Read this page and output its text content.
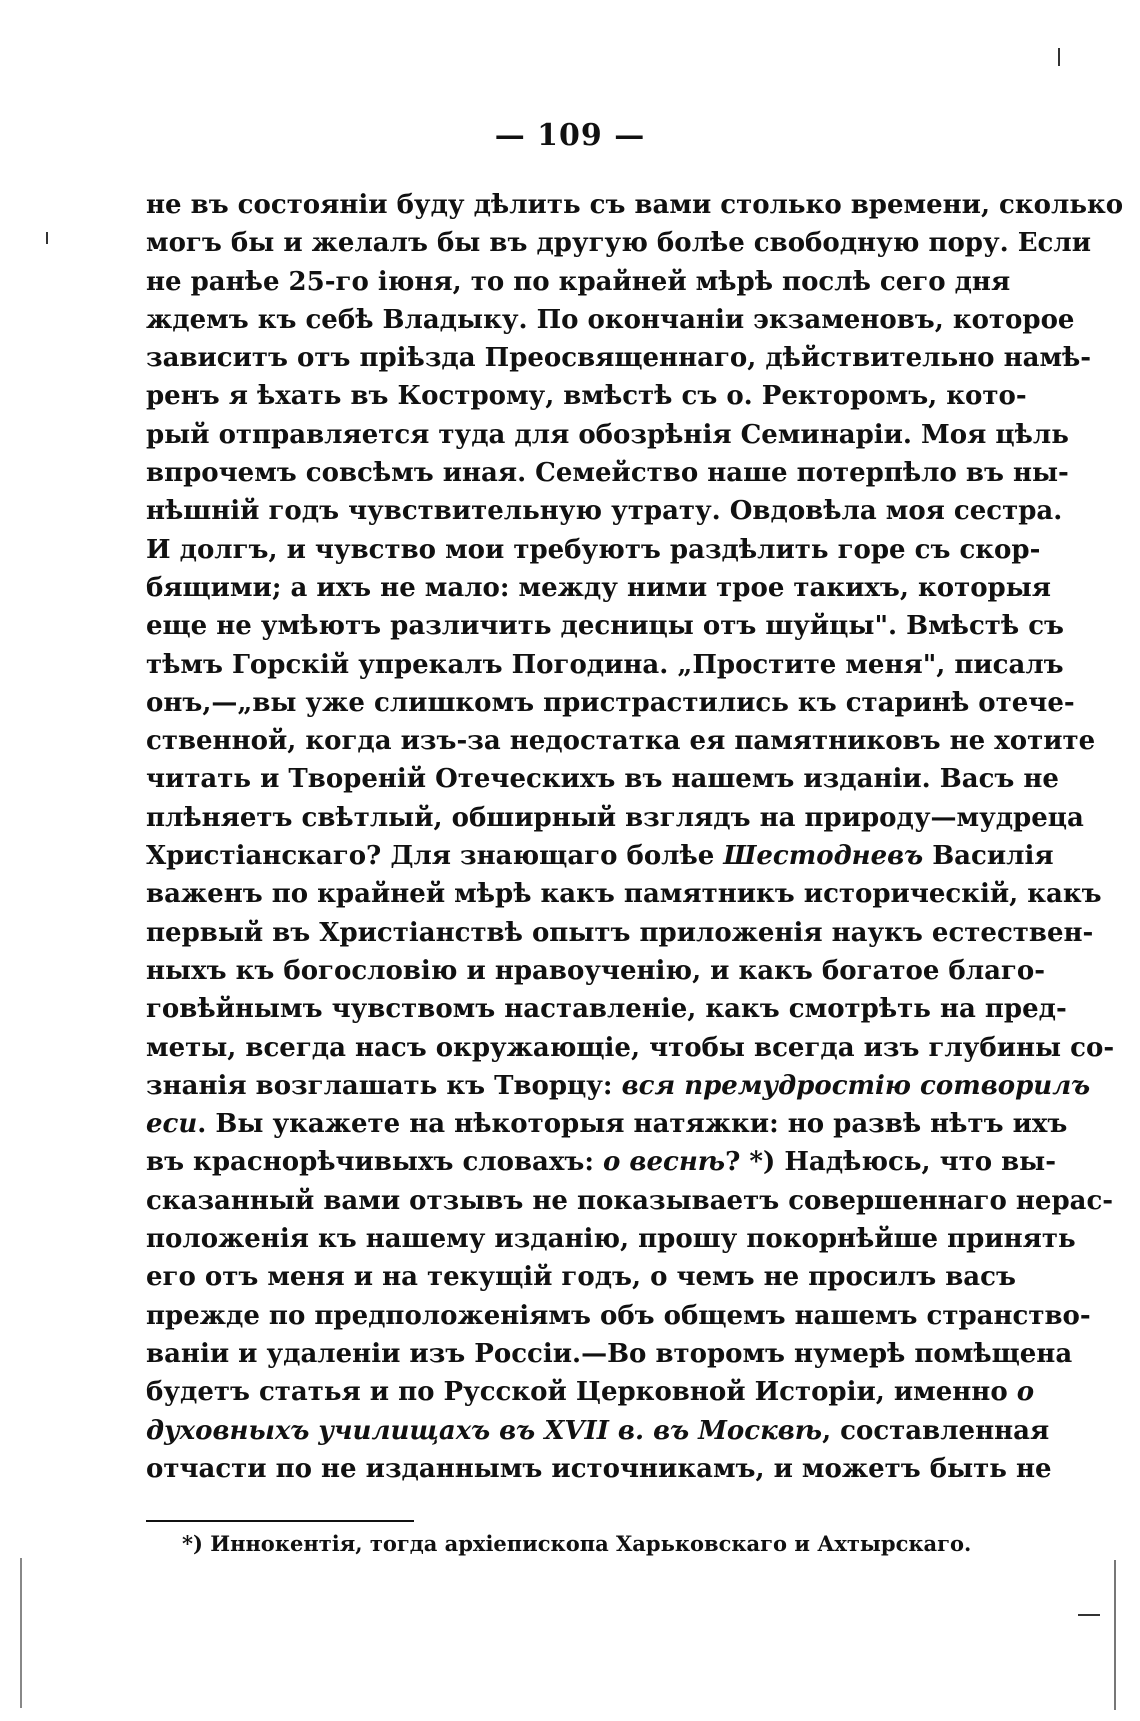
— 109 —
не въ состояніи буду дѣлить съ вами столько времени, сколько
могъ бы и желалъ бы въ другую болѣе свободную пору. Если
не ранѣе 25-го іюня, то по крайней мѣрѣ послѣ сего дня
ждемъ къ себѣ Владыку. По окончаніи экзаменовъ, которое
зависитъ отъ пріѣзда Преосвященнаго, дѣйствительно намѣ-
ренъ я ѣхать въ Кострому, вмѣстѣ съ о. Ректоромъ, кото-
рый отправляется туда для обозрѣнія Семинаріи. Моя цѣль
впрочемъ совсѣмъ иная. Семейство наше потерпѣло въ ны-
нѣшній годъ чувствительную утрату. Овдовѣла моя сестра.
И долгъ, и чувство мои требуютъ раздѣлить горе съ скор-
бящими; а ихъ не мало: между ними трое такихъ, которыя
еще не умѣютъ различить десницы отъ шуйцы". Вмѣстѣ съ
тѣмъ Горскій упрекалъ Погодина. „Простите меня", писалъ
онъ,—„вы уже слишкомъ пристрастились къ старинѣ отече-
ственной, когда изъ-за недостатка ея памятниковъ не хотите
читать и Твореній Отеческихъ въ нашемъ изданіи. Васъ не
плѣняетъ свѣтлый, обширный взглядъ на природу—мудреца
Христіанскаго? Для знающаго болѣе Шестодневъ Василія
важенъ по крайней мѣрѣ какъ памятникъ историческій, какъ
первый въ Христіанствѣ опытъ приложенія наукъ естествен-
ныхъ къ богословію и нравоученію, и какъ богатое благо-
говѣйнымъ чувствомъ наставленіе, какъ смотрѣть на пред-
меты, всегда насъ окружающіе, чтобы всегда изъ глубины со-
знанія возглашать къ Творцу: вся премудростію сотворилъ
еси. Вы укажете на нѣкоторыя натяжки: но развѣ нѣтъ ихъ
въ краснорѣчивыхъ словахъ: о веснѣ? *) Надѣюсь, что вы-
сказанный вами отзывъ не показываетъ совершеннаго нерас-
положенія къ нашему изданію, прошу покорнѣйше принять
его отъ меня и на текущій годъ, о чемъ не просилъ васъ
прежде по предположеніямъ объ общемъ нашемъ странство-
ваніи и удаленіи изъ Россіи.—Во второмъ нумерѣ помѣщена
будетъ статья и по Русской Церковной Исторіи, именно о
духовныхъ училищахъ въ XVII в. въ Москвѣ, составленная
отчасти по не изданнымъ источникамъ, и можетъ быть не
*) Иннокентія, тогда архіепископа Харьковскаго и Ахтырскаго.
